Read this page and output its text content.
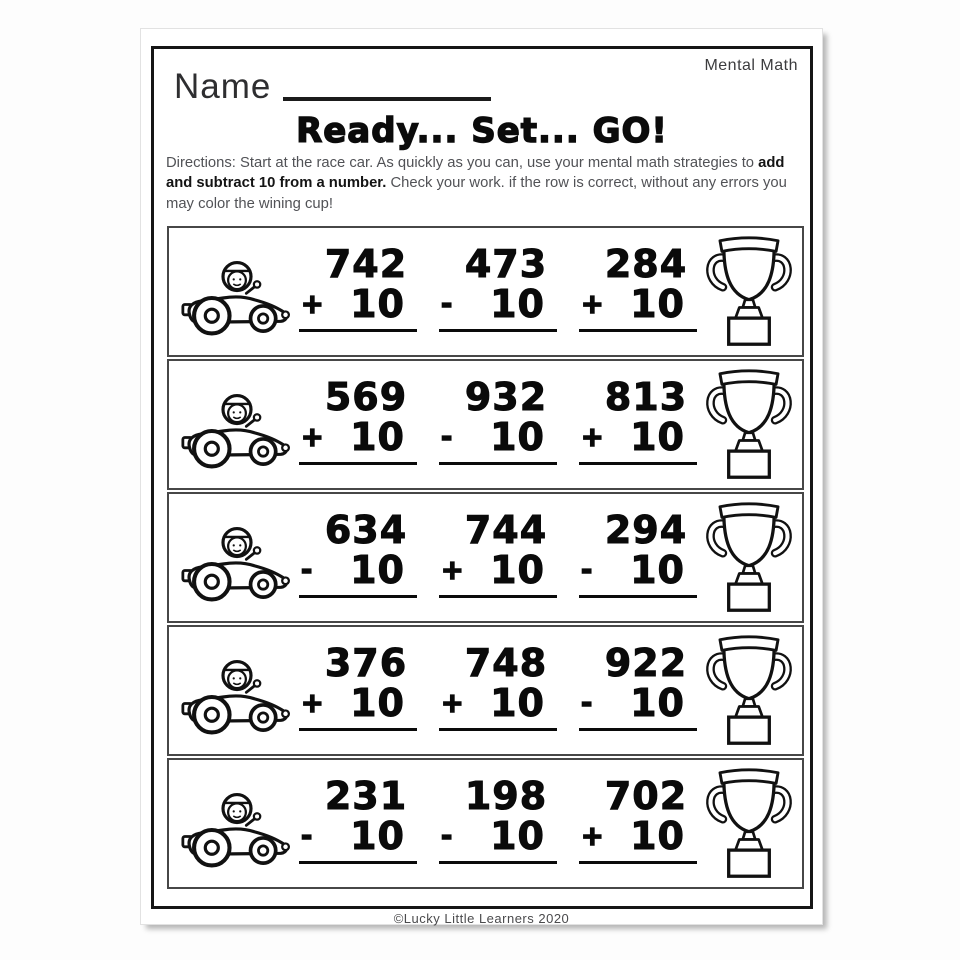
Mental Math
Name
Ready... Set... GO!

Directions: Start at the race car. As quickly as you can, use your mental math strategies to add and subtract 10 from a number. Check your work. if the row is correct, without any errors you may color the wining cup!

742
+ 10
473
- 10
284
+ 10
569
+ 10
932
- 10
813
+ 10
634
- 10
744
+ 10
294
- 10
376
+ 10
748
+ 10
922
- 10
231
- 10
198
- 10
702
+ 10
©Lucky Little Learners 2020
